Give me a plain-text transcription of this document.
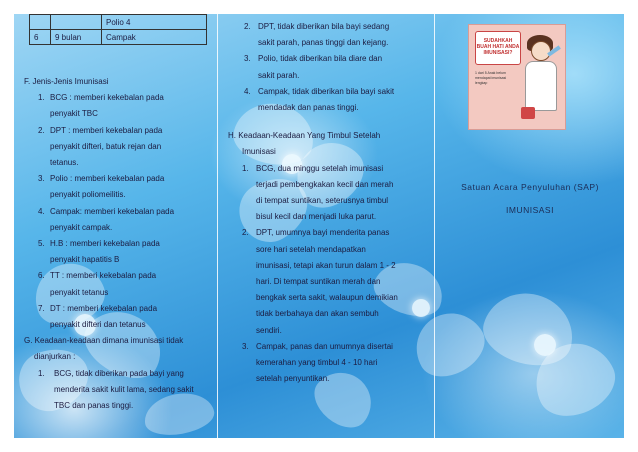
		Polio 4
6	9 bulan	Campak

F. Jenis-Jenis Imunisasi

1. BCG : memberi kekebalan pada

penyakit TBC

2. DPT : memberi kekebalan pada

penyakit difteri, batuk rejan dan

tetanus.

3. Polio : memberi kekebalan pada

penyakit poliomeilitis.

4. Campak: memberi kekebalan pada

penyakit campak.

5. H.B : memberi kekebalan pada

penyakit hapatitis B

6. TT : memberi kekebalan pada

penyakit tetanus

7. DT : memberi kekebalan pada

penyakit difteri dan tetanus

G. Keadaan-keadaan dimana imunisasi tidak

dianjurkan :

1. BCG, tidak diberikan pada bayi yang

menderita sakit kulit lama, sedang sakit

TBC dan panas tinggi.

2. DPT, tidak diberikan bila bayi sedang

sakit parah, panas tinggi dan kejang.

3. Polio, tidak diberikan bila diare dan

sakit parah.

4. Campak, tidak diberikan bila bayi sakit

mendadak dan panas tinggi.

H. Keadaan-Keadaan Yang Timbul Setelah

Imunisasi

1. BCG, dua minggu setelah imunisasi

terjadi pembengkakan kecil dan merah

di tempat suntikan, seterusnya timbul

bisul kecil dan menjadi luka parut.

2. DPT, umumnya bayi menderita panas

sore hari setelah mendapatkan

imunisasi, tetapi akan turun dalam 1 - 2

hari. Di tempat suntikan merah dan

bengkak serta sakit, walaupun demikian

tidak berbahaya dan akan sembuh

sendiri.

3. Campak, panas dan umumnya disertai

kemerahan yang timbul 4 - 10 hari

setelah penyuntikan.

SUDAHKAH BUAH HATI ANDA IMUNISASI?
1 dari 5 Anak belum mendapat imunisasi lengkap
Satuan Acara Penyuluhan (SAP)
IMUNISASI
